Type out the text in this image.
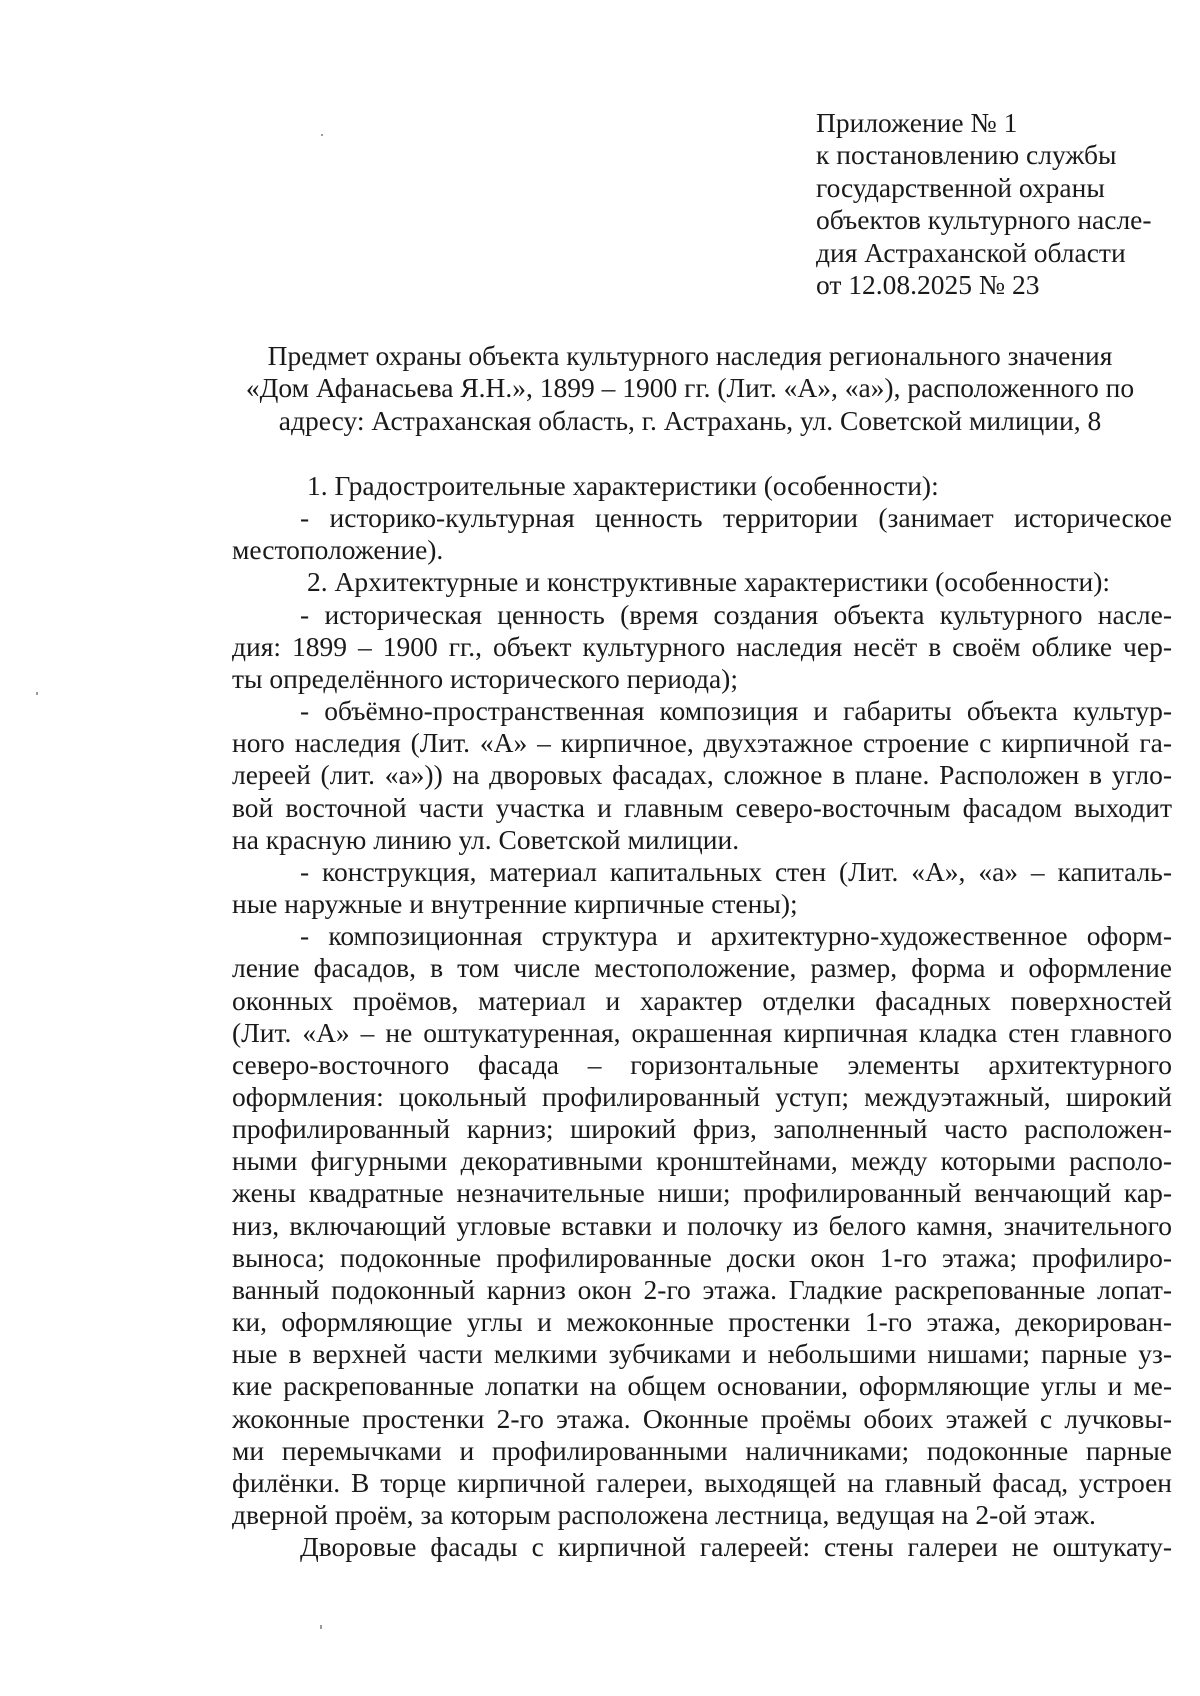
Приложение № 1
к постановлению службы
государственной охраны
объектов культурного насле-
дия Астраханской области
от 12.08.2025 № 23
Предмет охраны объекта культурного наследия регионального значения
«Дом Афанасьева Я.Н.», 1899 – 1900 гг. (Лит. «А», «а»), расположенного по
адресу: Астраханская область, г. Астрахань, ул. Советской милиции, 8
1. Градостроительные характеристики (особенности):
- историко-культурная ценность территории (занимает историческое
местоположение).
2. Архитектурные и конструктивные характеристики (особенности):
- историческая ценность (время создания объекта культурного насле-
дия: 1899 – 1900 гг., объект культурного наследия несёт в своём облике чер-
ты определённого исторического периода);
- объёмно-пространственная композиция и габариты объекта культур-
ного наследия (Лит. «А» – кирпичное, двухэтажное строение с кирпичной га-
лереей (лит. «а»)) на дворовых фасадах, сложное в плане. Расположен в угло-
вой восточной части участка и главным северо-восточным фасадом выходит
на красную линию ул. Советской милиции.
- конструкция, материал капитальных стен (Лит. «А», «а» – капиталь-
ные наружные и внутренние кирпичные стены);
- композиционная структура и архитектурно-художественное оформ-
ление фасадов, в том числе местоположение, размер, форма и оформление
оконных проёмов, материал и характер отделки фасадных поверхностей
(Лит. «А» – не оштукатуренная, окрашенная кирпичная кладка стен главного
северо-восточного фасада – горизонтальные элементы архитектурного
оформления: цокольный профилированный уступ; междуэтажный, широкий
профилированный карниз; широкий фриз, заполненный часто расположен-
ными фигурными декоративными кронштейнами, между которыми располо-
жены квадратные незначительные ниши; профилированный венчающий кар-
низ, включающий угловые вставки и полочку из белого камня, значительного
выноса; подоконные профилированные доски окон 1-го этажа; профилиро-
ванный подоконный карниз окон 2-го этажа. Гладкие раскрепованные лопат-
ки, оформляющие углы и межоконные простенки 1-го этажа, декорирован-
ные в верхней части мелкими зубчиками и небольшими нишами; парные уз-
кие раскрепованные лопатки на общем основании, оформляющие углы и ме-
жоконные простенки 2-го этажа. Оконные проёмы обоих этажей с лучковы-
ми перемычками и профилированными наличниками; подоконные парные
филёнки. В торце кирпичной галереи, выходящей на главный фасад, устроен
дверной проём, за которым расположена лестница, ведущая на 2-ой этаж.
Дворовые фасады с кирпичной галереей: стены галереи не оштукату-
